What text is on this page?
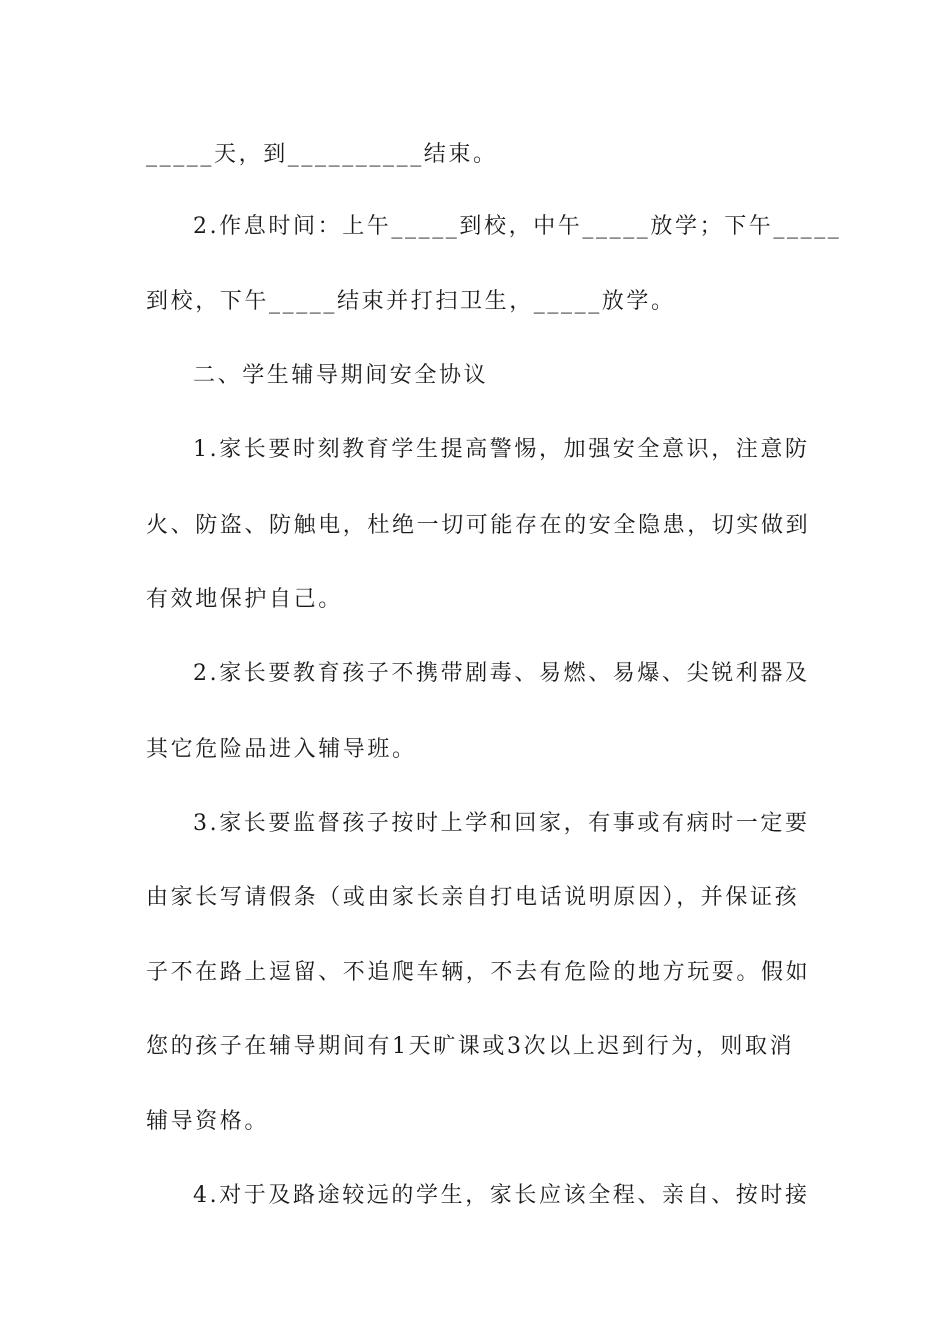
_____天，到__________结束。
2.作息时间：上午_____到校，中午_____放学；下午_____
到校，下午_____结束并打扫卫生，_____放学。
二、学生辅导期间安全协议
1.家长要时刻教育学生提高警惕，加强安全意识，注意防
火、防盗、防触电，杜绝一切可能存在的安全隐患，切实做到
有效地保护自己。
2.家长要教育孩子不携带剧毒、易燃、易爆、尖锐利器及
其它危险品进入辅导班。
3.家长要监督孩子按时上学和回家，有事或有病时一定要
由家长写请假条（或由家长亲自打电话说明原因），并保证孩
子不在路上逗留、不追爬车辆，不去有危险的地方玩耍。假如
您的孩子在辅导期间有1天旷课或3次以上迟到行为，则取消
辅导资格。
4.对于及路途较远的学生，家长应该全程、亲自、按时接
